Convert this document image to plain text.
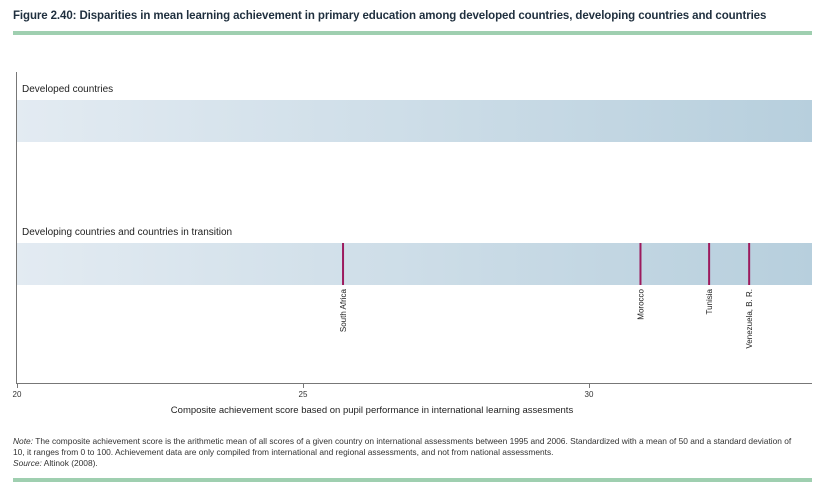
Figure 2.40: Disparities in mean learning achievement in primary education among developed countries, developing countries and countries
Developed countries
Developing countries and countries in transition
20	25	30
South Africa	Morocco	Tunisia	Venezuela, B. R.
Composite achievement score based on pupil performance in international learning assesments
Note: The composite achievement score is the arithmetic mean of all scores of a given country on international assessments between 1995 and 2006. Standardized with a mean of 50 and a standard deviation of 10, it ranges from 0 to 100. Achievement data are only compiled from international and regional assessments, and not from national assessments.
Source: Altinok (2008).
